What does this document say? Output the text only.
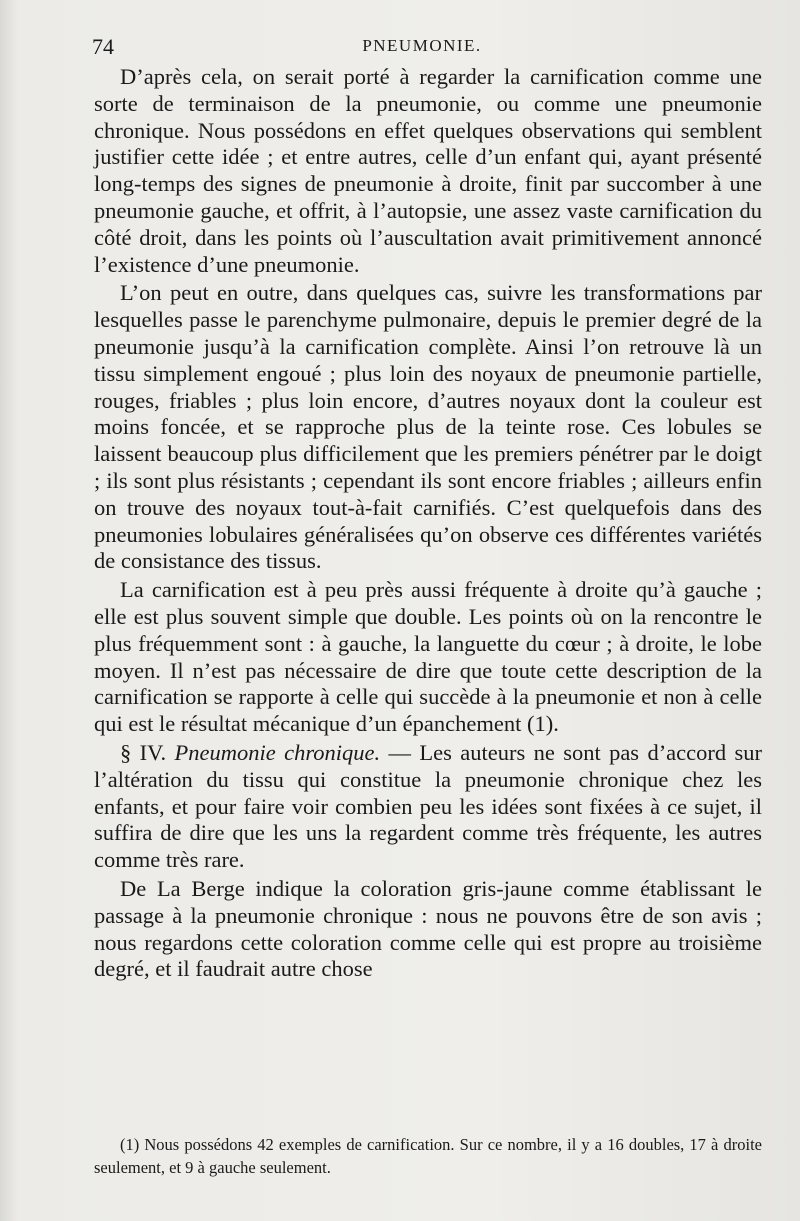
74	PNEUMONIE.

D’après cela, on serait porté à regarder la carnification comme une sorte de terminaison de la pneumonie, ou comme une pneumonie chronique. Nous possédons en effet quelques observations qui semblent justifier cette idée ; et entre autres, celle d’un enfant qui, ayant présenté long-temps des signes de pneumonie à droite, finit par succomber à une pneumonie gauche, et offrit, à l’autopsie, une assez vaste carnification du côté droit, dans les points où l’auscultation avait primitivement annoncé l’existence d’une pneumonie.

L’on peut en outre, dans quelques cas, suivre les transformations par lesquelles passe le parenchyme pulmonaire, depuis le premier degré de la pneumonie jusqu’à la carnification complète. Ainsi l’on retrouve là un tissu simplement engoué ; plus loin des noyaux de pneumonie partielle, rouges, friables ; plus loin encore, d’autres noyaux dont la couleur est moins foncée, et se rapproche plus de la teinte rose. Ces lobules se laissent beaucoup plus difficilement que les premiers pénétrer par le doigt ; ils sont plus résistants ; cependant ils sont encore friables ; ailleurs enfin on trouve des noyaux tout-à-fait carnifiés. C’est quelquefois dans des pneumonies lobulaires généralisées qu’on observe ces différentes variétés de consistance des tissus.

La carnification est à peu près aussi fréquente à droite qu’à gauche ; elle est plus souvent simple que double. Les points où on la rencontre le plus fréquemment sont : à gauche, la languette du cœur ; à droite, le lobe moyen. Il n’est pas nécessaire de dire que toute cette description de la carnification se rapporte à celle qui succède à la pneumonie et non à celle qui est le résultat mécanique d’un épanchement (1).

§ IV. Pneumonie chronique. — Les auteurs ne sont pas d’accord sur l’altération du tissu qui constitue la pneumonie chronique chez les enfants, et pour faire voir combien peu les idées sont fixées à ce sujet, il suffira de dire que les uns la regardent comme très fréquente, les autres comme très rare.

De La Berge indique la coloration gris-jaune comme établissant le passage à la pneumonie chronique : nous ne pouvons être de son avis ; nous regardons cette coloration comme celle qui est propre au troisième degré, et il faudrait autre chose

(1) Nous possédons 42 exemples de carnification. Sur ce nombre, il y a 16 doubles, 17 à droite seulement, et 9 à gauche seulement.
